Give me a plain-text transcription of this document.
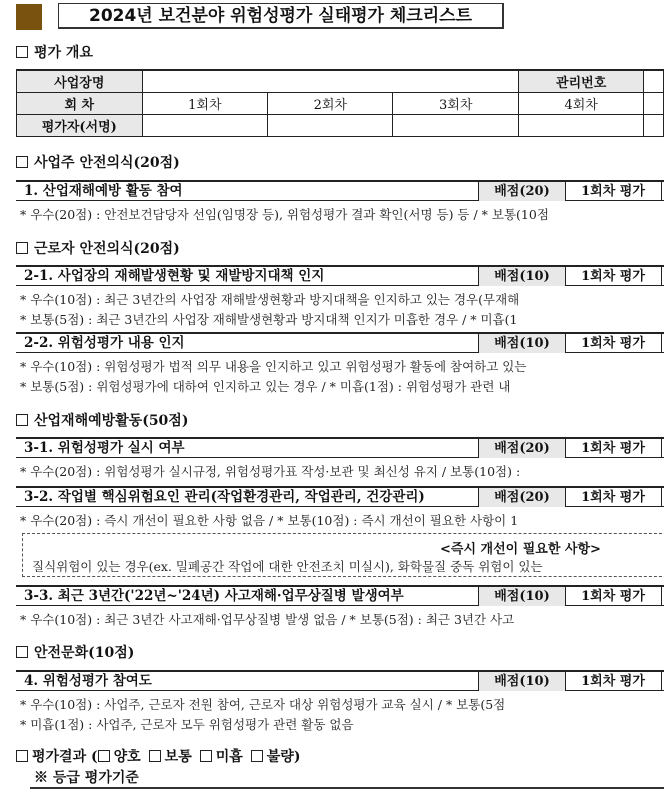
2024년 보건분야 위험성평가 실태평가 체크리스트
평가 개요
사업장명				관리번호	
회 차	1회차	2회차	3회차	4회차	
평가자(서명)					
사업주 안전의식(20점)
1. 산업재해예방 활동 참여	배점(20)	1회차 평가
* 우수(20점) : 안전보건담당자 선임(임명장 등), 위험성평가 결과 확인(서명 등) 등 / * 보통(10점
근로자 안전의식(20점)
2-1. 사업장의 재해발생현황 및 재발방지대책 인지	배점(10)	1회차 평가
* 우수(10점) : 최근 3년간의 사업장 재해발생현황과 방지대책을 인지하고 있는 경우(무재해
* 보통(5점) : 최근 3년간의 사업장 재해발생현황과 방지대책 인지가 미흡한 경우 / * 미흡(1
2-2. 위험성평가 내용 인지	배점(10)	1회차 평가
* 우수(10점) : 위험성평가 법적 의무 내용을 인지하고 있고 위험성평가 활동에 참여하고 있는
* 보통(5점) : 위험성평가에 대하여 인지하고 있는 경우 / * 미흡(1점) : 위험성평가 관련 내
산업재해예방활동(50점)
3-1. 위험성평가 실시 여부	배점(20)	1회차 평가
* 우수(20점) : 위험성평가 실시규정, 위험성평가표 작성·보관 및 최신성 유지 / 보통(10점) :
3-2. 작업별 핵심위험요인 관리(작업환경관리, 작업관리, 건강관리)	배점(20)	1회차 평가
* 우수(20점) : 즉시 개선이 필요한 사항 없음 / * 보통(10점) : 즉시 개선이 필요한 사항이 1
<즉시 개선이 필요한 사항>
질식위험이 있는 경우(ex. 밀폐공간 작업에 대한 안전조치 미실시), 화학물질 중독 위험이 있는
3-3. 최근 3년간('22년~'24년) 사고재해·업무상질병 발생여부	배점(10)	1회차 평가
* 우수(10점) : 최근 3년간 사고재해·업무상질병 발생 없음 / * 보통(5점) : 최근 3년간 사고
안전문화(10점)
4. 위험성평가 참여도	배점(10)	1회차 평가
* 우수(10점) : 사업주, 근로자 전원 참여, 근로자 대상 위험성평가 교육 실시 / * 보통(5점
* 미흡(1점) : 사업주, 근로자 모두 위험성평가 관련 활동 없음
평가결과 ( 양호 보통 미흡 불량)
※ 등급 평가기준
